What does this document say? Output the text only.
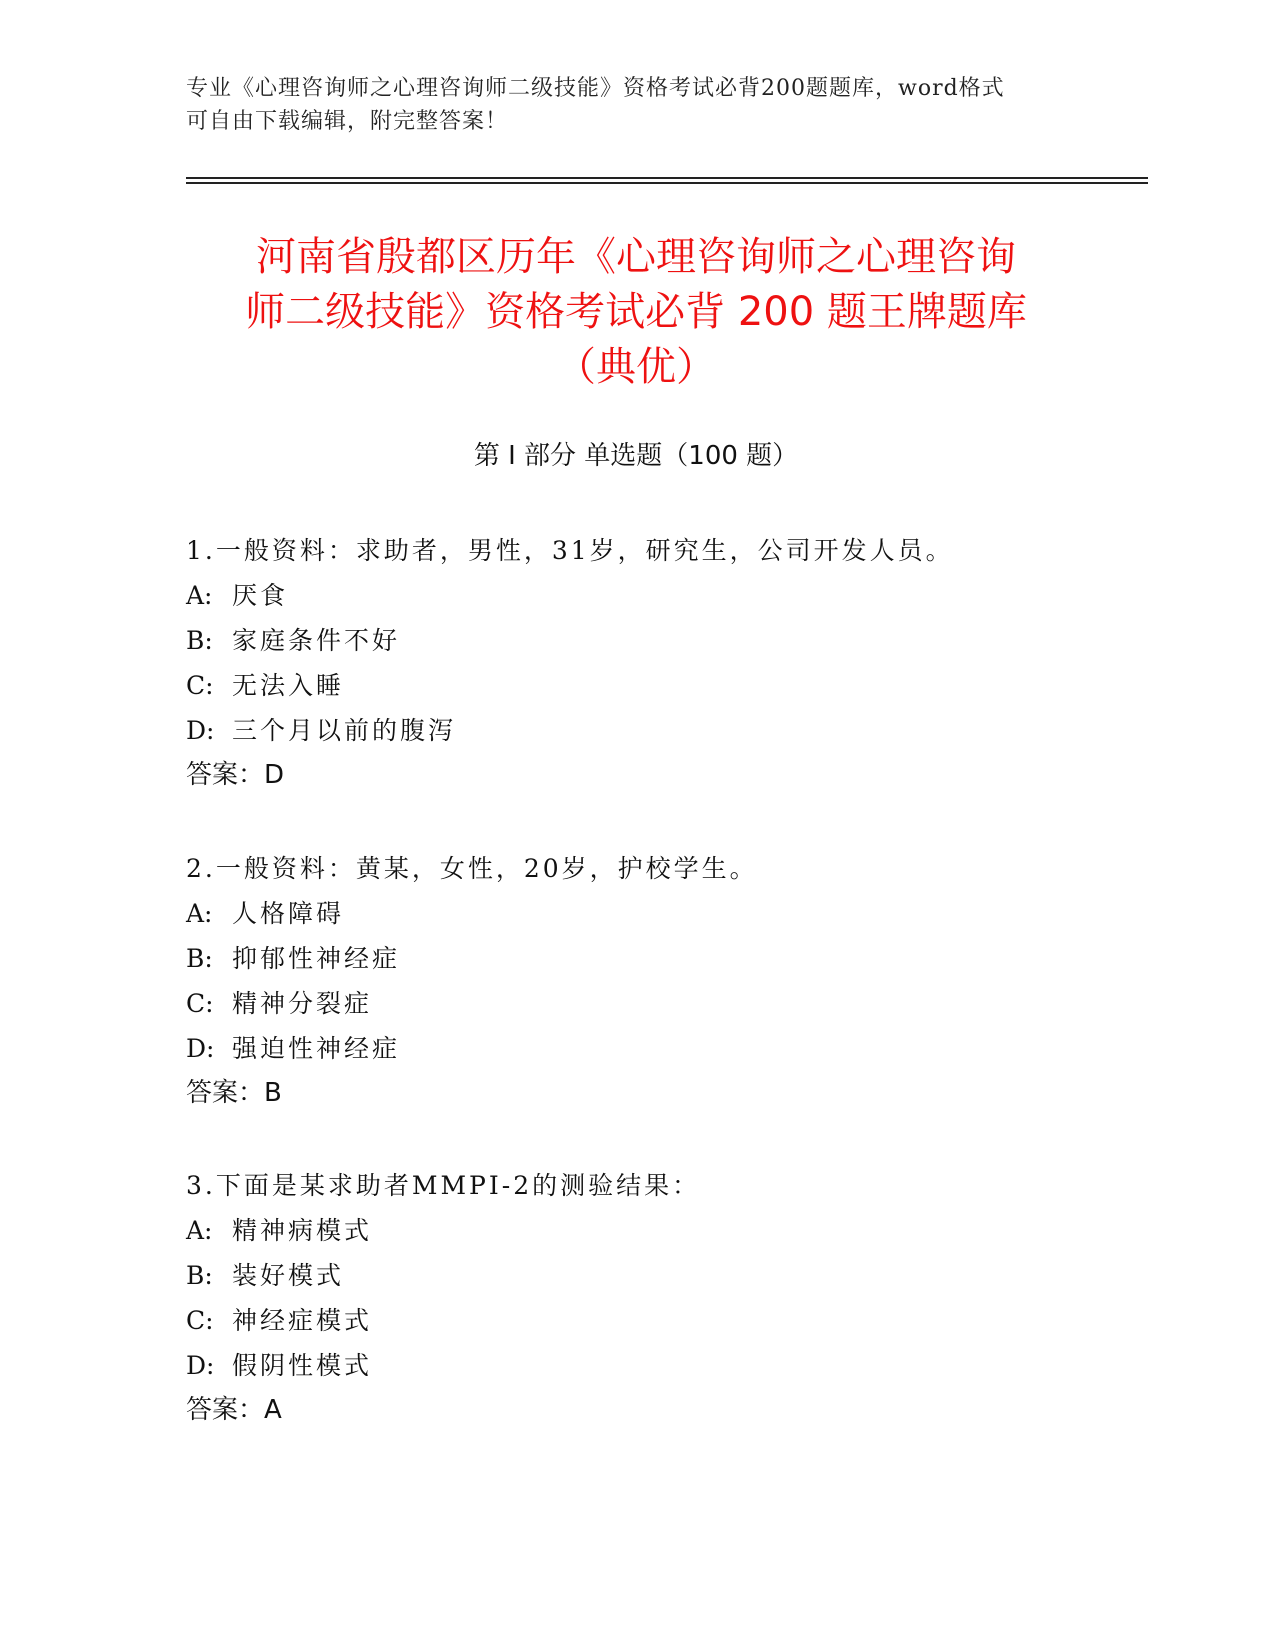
专业《心理咨询师之心理咨询师二级技能》资格考试必背200题题库，word格式
可自由下载编辑，附完整答案！
河南省殷都区历年《心理咨询师之心理咨询
师二级技能》资格考试必背 200 题王牌题库
（典优）
第 I 部分 单选题（100 题）
1.一般资料：求助者，男性，31岁，研究生，公司开发人员。
A: 厌食
B: 家庭条件不好
C: 无法入睡
D: 三个月以前的腹泻
答案：D
2.一般资料：黄某，女性，20岁，护校学生。
A: 人格障碍
B: 抑郁性神经症
C: 精神分裂症
D: 强迫性神经症
答案：B
3.下面是某求助者MMPI-2的测验结果：
A: 精神病模式
B: 装好模式
C: 神经症模式
D: 假阴性模式
答案：A
